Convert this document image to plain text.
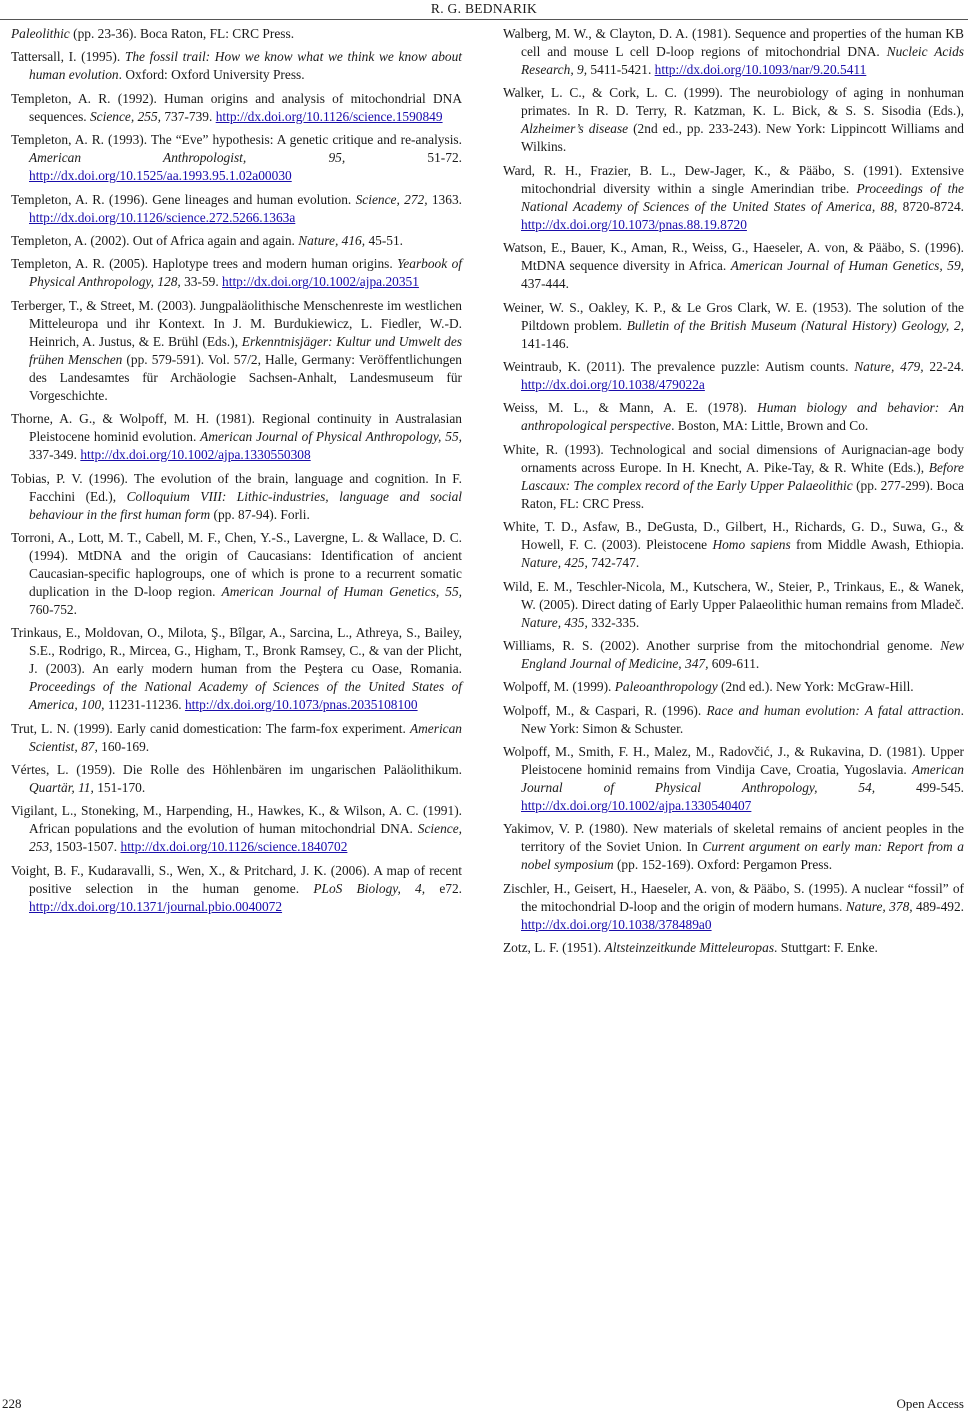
R. G. BEDNARIK
Paleolithic (pp. 23-36). Boca Raton, FL: CRC Press.
Tattersall, I. (1995). The fossil trail: How we know what we think we know about human evolution. Oxford: Oxford University Press.
Templeton, A. R. (1992). Human origins and analysis of mitochondrial DNA sequences. Science, 255, 737-739. http://dx.doi.org/10.1126/science.1590849
Templeton, A. R. (1993). The “Eve” hypothesis: A genetic critique and re-analysis. American Anthropologist, 95, 51-72. http://dx.doi.org/10.1525/aa.1993.95.1.02a00030
Templeton, A. R. (1996). Gene lineages and human evolution. Science, 272, 1363. http://dx.doi.org/10.1126/science.272.5266.1363a
Templeton, A. (2002). Out of Africa again and again. Nature, 416, 45-51.
Templeton, A. R. (2005). Haplotype trees and modern human origins. Yearbook of Physical Anthropology, 128, 33-59. http://dx.doi.org/10.1002/ajpa.20351
Terberger, T., & Street, M. (2003). Jungpaläolithische Menschenreste im westlichen Mitteleuropa und ihr Kontext. In J. M. Burdukiewicz, L. Fiedler, W.-D. Heinrich, A. Justus, & E. Brühl (Eds.), Erkenntnisjäger: Kultur und Umwelt des frühen Menschen (pp. 579-591). Vol. 57/2, Halle, Germany: Veröffentlichungen des Landesamtes für Archäologie Sachsen-Anhalt, Landesmuseum für Vorgeschichte.
Thorne, A. G., & Wolpoff, M. H. (1981). Regional continuity in Australasian Pleistocene hominid evolution. American Journal of Physical Anthropology, 55, 337-349. http://dx.doi.org/10.1002/ajpa.1330550308
Tobias, P. V. (1996). The evolution of the brain, language and cognition. In F. Facchini (Ed.), Colloquium VIII: Lithic-industries, language and social behaviour in the first human form (pp. 87-94). Forli.
Torroni, A., Lott, M. T., Cabell, M. F., Chen, Y.-S., Lavergne, L. & Wallace, D. C. (1994). MtDNA and the origin of Caucasians: Identification of ancient Caucasian-specific haplogroups, one of which is prone to a recurrent somatic duplication in the D-loop region. American Journal of Human Genetics, 55, 760-752.
Trinkaus, E., Moldovan, O., Milota, Ş., Bîlgar, A., Sarcina, L., Athreya, S., Bailey, S.E., Rodrigo, R., Mircea, G., Higham, T., Bronk Ramsey, C., & van der Plicht, J. (2003). An early modern human from the Peştera cu Oase, Romania. Proceedings of the National Academy of Sciences of the United States of America, 100, 11231-11236. http://dx.doi.org/10.1073/pnas.2035108100
Trut, L. N. (1999). Early canid domestication: The farm-fox experiment. American Scientist, 87, 160-169.
Vértes, L. (1959). Die Rolle des Höhlenbären im ungarischen Paläolithikum. Quartär, 11, 151-170.
Vigilant, L., Stoneking, M., Harpending, H., Hawkes, K., & Wilson, A. C. (1991). African populations and the evolution of human mitochondrial DNA. Science, 253, 1503-1507. http://dx.doi.org/10.1126/science.1840702
Voight, B. F., Kudaravalli, S., Wen, X., & Pritchard, J. K. (2006). A map of recent positive selection in the human genome. PLoS Biology, 4, e72. http://dx.doi.org/10.1371/journal.pbio.0040072
Walberg, M. W., & Clayton, D. A. (1981). Sequence and properties of the human KB cell and mouse L cell D-loop regions of mitochondrial DNA. Nucleic Acids Research, 9, 5411-5421. http://dx.doi.org/10.1093/nar/9.20.5411
Walker, L. C., & Cork, L. C. (1999). The neurobiology of aging in nonhuman primates. In R. D. Terry, R. Katzman, K. L. Bick, & S. S. Sisodia (Eds.), Alzheimer’s disease (2nd ed., pp. 233-243). New York: Lippincott Williams and Wilkins.
Ward, R. H., Frazier, B. L., Dew-Jager, K., & Pääbo, S. (1991). Extensive mitochondrial diversity within a single Amerindian tribe. Proceedings of the National Academy of Sciences of the United States of America, 88, 8720-8724. http://dx.doi.org/10.1073/pnas.88.19.8720
Watson, E., Bauer, K., Aman, R., Weiss, G., Haeseler, A. von, & Pääbo, S. (1996). MtDNA sequence diversity in Africa. American Journal of Human Genetics, 59, 437-444.
Weiner, W. S., Oakley, K. P., & Le Gros Clark, W. E. (1953). The solution of the Piltdown problem. Bulletin of the British Museum (Natural History) Geology, 2, 141-146.
Weintraub, K. (2011). The prevalence puzzle: Autism counts. Nature, 479, 22-24. http://dx.doi.org/10.1038/479022a
Weiss, M. L., & Mann, A. E. (1978). Human biology and behavior: An anthropological perspective. Boston, MA: Little, Brown and Co.
White, R. (1993). Technological and social dimensions of Aurignacian-age body ornaments across Europe. In H. Knecht, A. Pike-Tay, & R. White (Eds.), Before Lascaux: The complex record of the Early Upper Palaeolithic (pp. 277-299). Boca Raton, FL: CRC Press.
White, T. D., Asfaw, B., DeGusta, D., Gilbert, H., Richards, G. D., Suwa, G., & Howell, F. C. (2003). Pleistocene Homo sapiens from Middle Awash, Ethiopia. Nature, 425, 742-747.
Wild, E. M., Teschler-Nicola, M., Kutschera, W., Steier, P., Trinkaus, E., & Wanek, W. (2005). Direct dating of Early Upper Palaeolithic human remains from Mladeč. Nature, 435, 332-335.
Williams, R. S. (2002). Another surprise from the mitochondrial genome. New England Journal of Medicine, 347, 609-611.
Wolpoff, M. (1999). Paleoanthropology (2nd ed.). New York: McGraw-Hill.
Wolpoff, M., & Caspari, R. (1996). Race and human evolution: A fatal attraction. New York: Simon & Schuster.
Wolpoff, M., Smith, F. H., Malez, M., Radovčić, J., & Rukavina, D. (1981). Upper Pleistocene hominid remains from Vindija Cave, Croatia, Yugoslavia. American Journal of Physical Anthropology, 54, 499-545. http://dx.doi.org/10.1002/ajpa.1330540407
Yakimov, V. P. (1980). New materials of skeletal remains of ancient peoples in the territory of the Soviet Union. In Current argument on early man: Report from a nobel symposium (pp. 152-169). Oxford: Pergamon Press.
Zischler, H., Geisert, H., Haeseler, A. von, & Pääbo, S. (1995). A nuclear “fossil” of the mitochondrial D-loop and the origin of modern humans. Nature, 378, 489-492. http://dx.doi.org/10.1038/378489a0
Zotz, L. F. (1951). Altsteinzeitkunde Mitteleuropas. Stuttgart: F. Enke.
228	Open Access
